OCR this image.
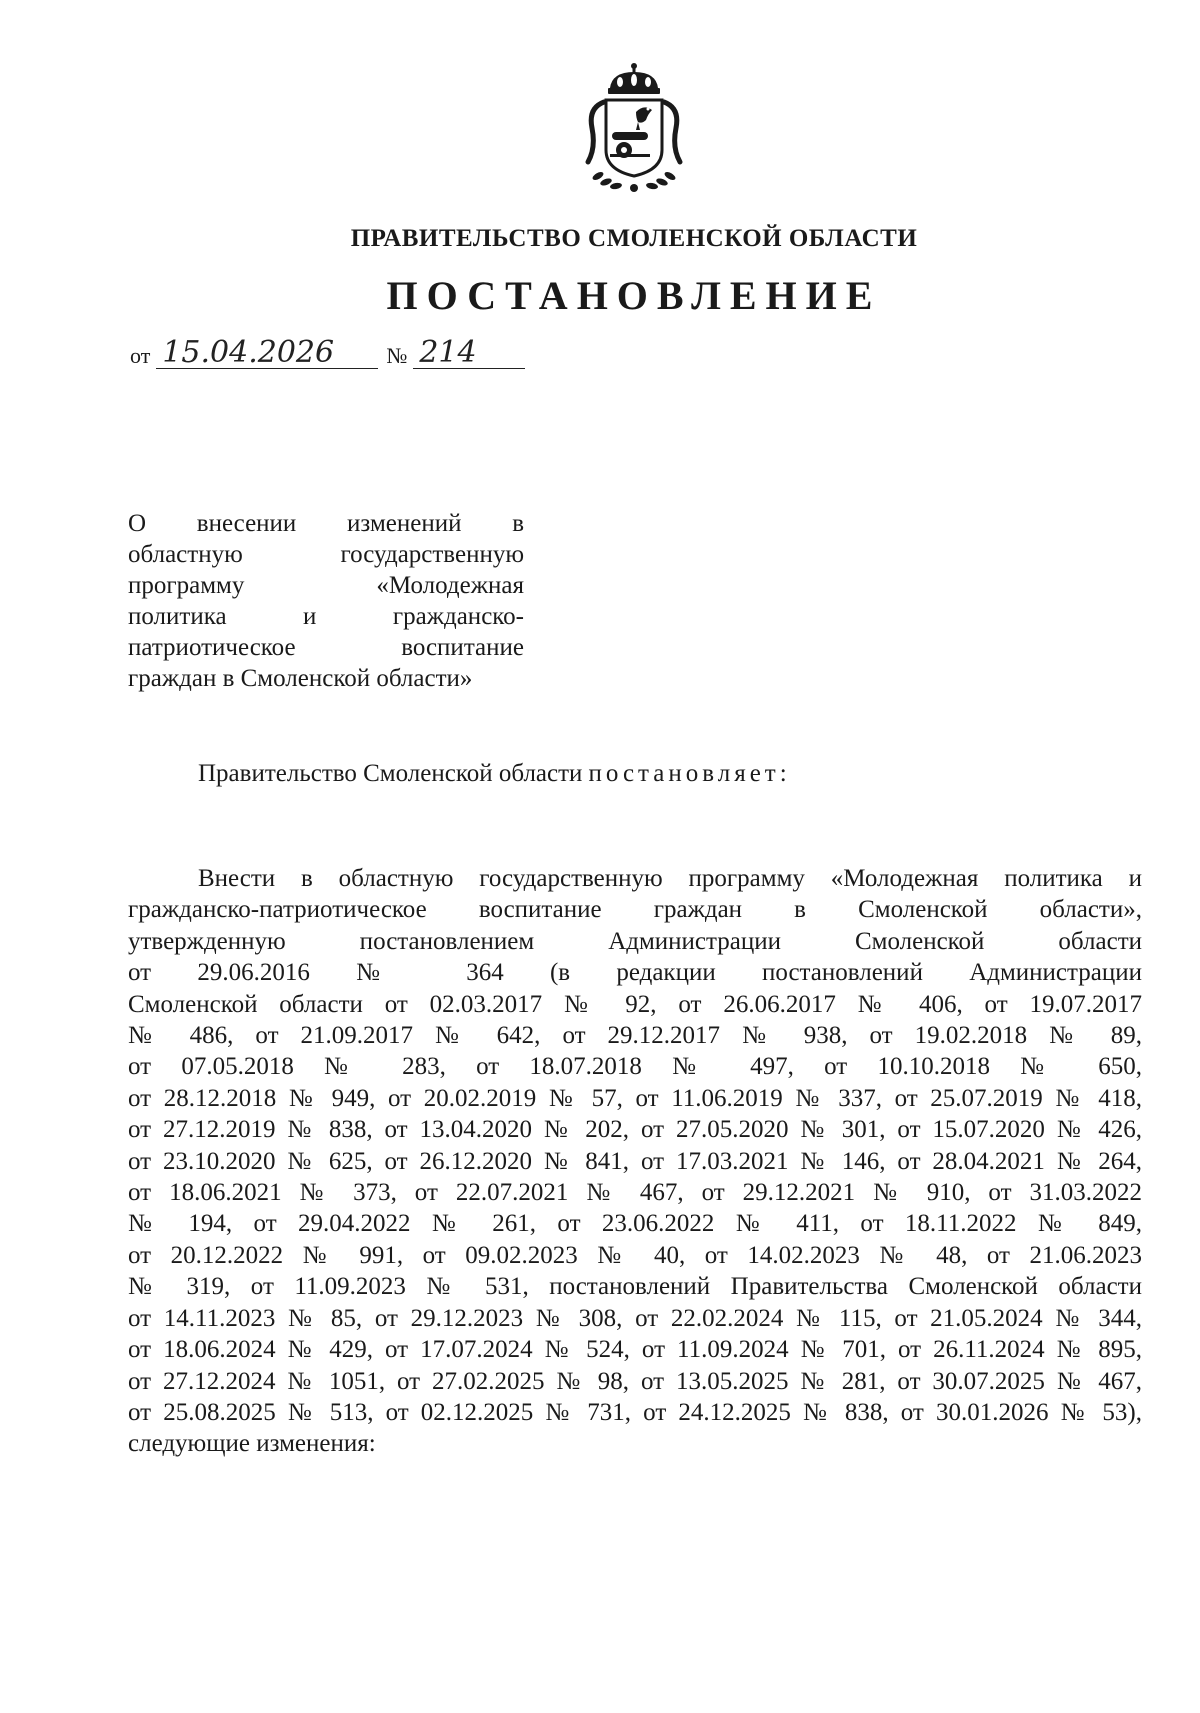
ПРАВИТЕЛЬСТВО СМОЛЕНСКОЙ ОБЛАСТИ
ПОСТАНОВЛЕНИЕ
от 15.04.2026	№ 214
О внесении изменений в
областную государственную
программу «Молодежная
политика и гражданско-
патриотическое воспитание
граждан в Смоленской области»
Правительство Смоленской области постановляет:
Внести в областную государственную программу «Молодежная политика и
гражданско-патриотическое воспитание граждан в Смоленской области»,
утвержденную постановлением Администрации Смоленской области
от 29.06.2016 № 364 (в редакции постановлений Администрации
Смоленской области от 02.03.2017 № 92, от 26.06.2017 № 406, от 19.07.2017
№ 486, от 21.09.2017 № 642, от 29.12.2017 № 938, от 19.02.2018 № 89,
от 07.05.2018 № 283, от 18.07.2018 № 497, от 10.10.2018 № 650,
от 28.12.2018 № 949, от 20.02.2019 № 57, от 11.06.2019 № 337, от 25.07.2019 № 418,
от 27.12.2019 № 838, от 13.04.2020 № 202, от 27.05.2020 № 301, от 15.07.2020 № 426,
от 23.10.2020 № 625, от 26.12.2020 № 841, от 17.03.2021 № 146, от 28.04.2021 № 264,
от 18.06.2021 № 373, от 22.07.2021 № 467, от 29.12.2021 № 910, от 31.03.2022
№ 194, от 29.04.2022 № 261, от 23.06.2022 № 411, от 18.11.2022 № 849,
от 20.12.2022 № 991, от 09.02.2023 № 40, от 14.02.2023 № 48, от 21.06.2023
№ 319, от 11.09.2023 № 531, постановлений Правительства Смоленской области
от 14.11.2023 № 85, от 29.12.2023 № 308, от 22.02.2024 № 115, от 21.05.2024 № 344,
от 18.06.2024 № 429, от 17.07.2024 № 524, от 11.09.2024 № 701, от 26.11.2024 № 895,
от 27.12.2024 № 1051, от 27.02.2025 № 98, от 13.05.2025 № 281, от 30.07.2025 № 467,
от 25.08.2025 № 513, от 02.12.2025 № 731, от 24.12.2025 № 838, от 30.01.2026 № 53),
следующие изменения:
